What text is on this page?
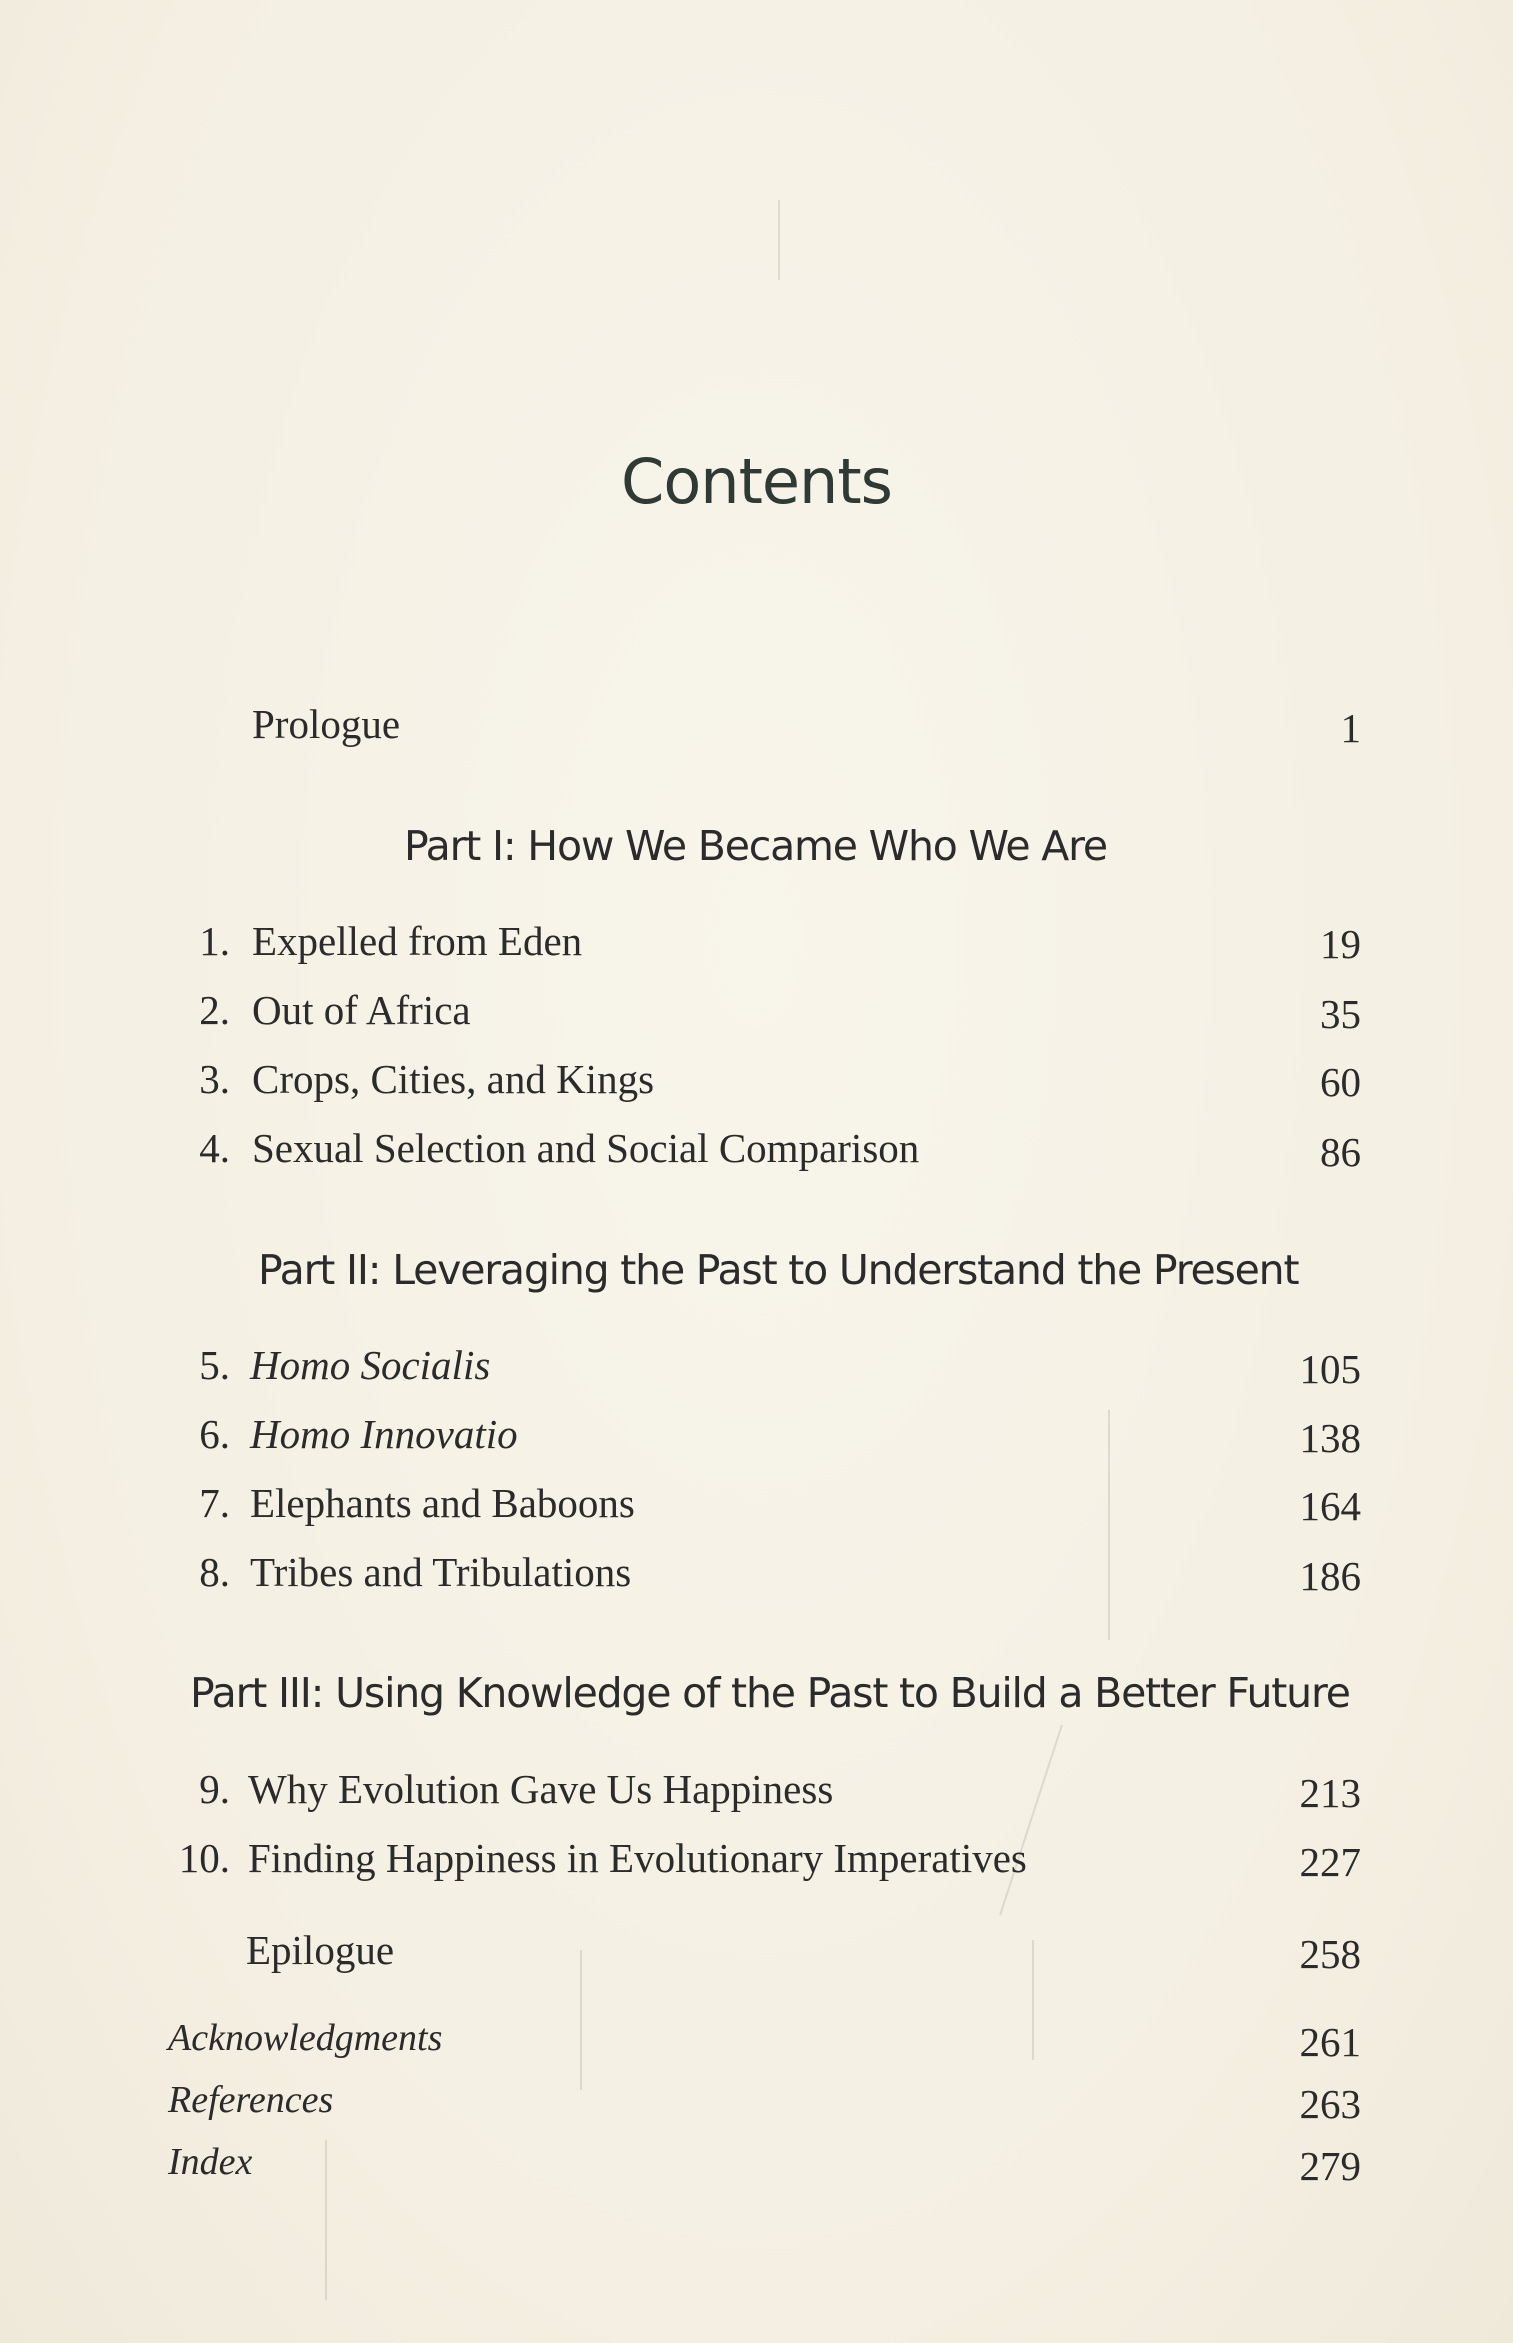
Contents
Prologue	1
Part I: How We Became Who We Are
1. Expelled from Eden	19
2. Out of Africa	35
3. Crops, Cities, and Kings	60
4. Sexual Selection and Social Comparison	86
Part II: Leveraging the Past to Understand the Present
5. Homo Socialis	105
6. Homo Innovatio	138
7. Elephants and Baboons	164
8. Tribes and Tribulations	186
Part III: Using Knowledge of the Past to Build a Better Future
9. Why Evolution Gave Us Happiness	213
10. Finding Happiness in Evolutionary Imperatives	227
Epilogue	258
Acknowledgments	261
References	263
Index	279
